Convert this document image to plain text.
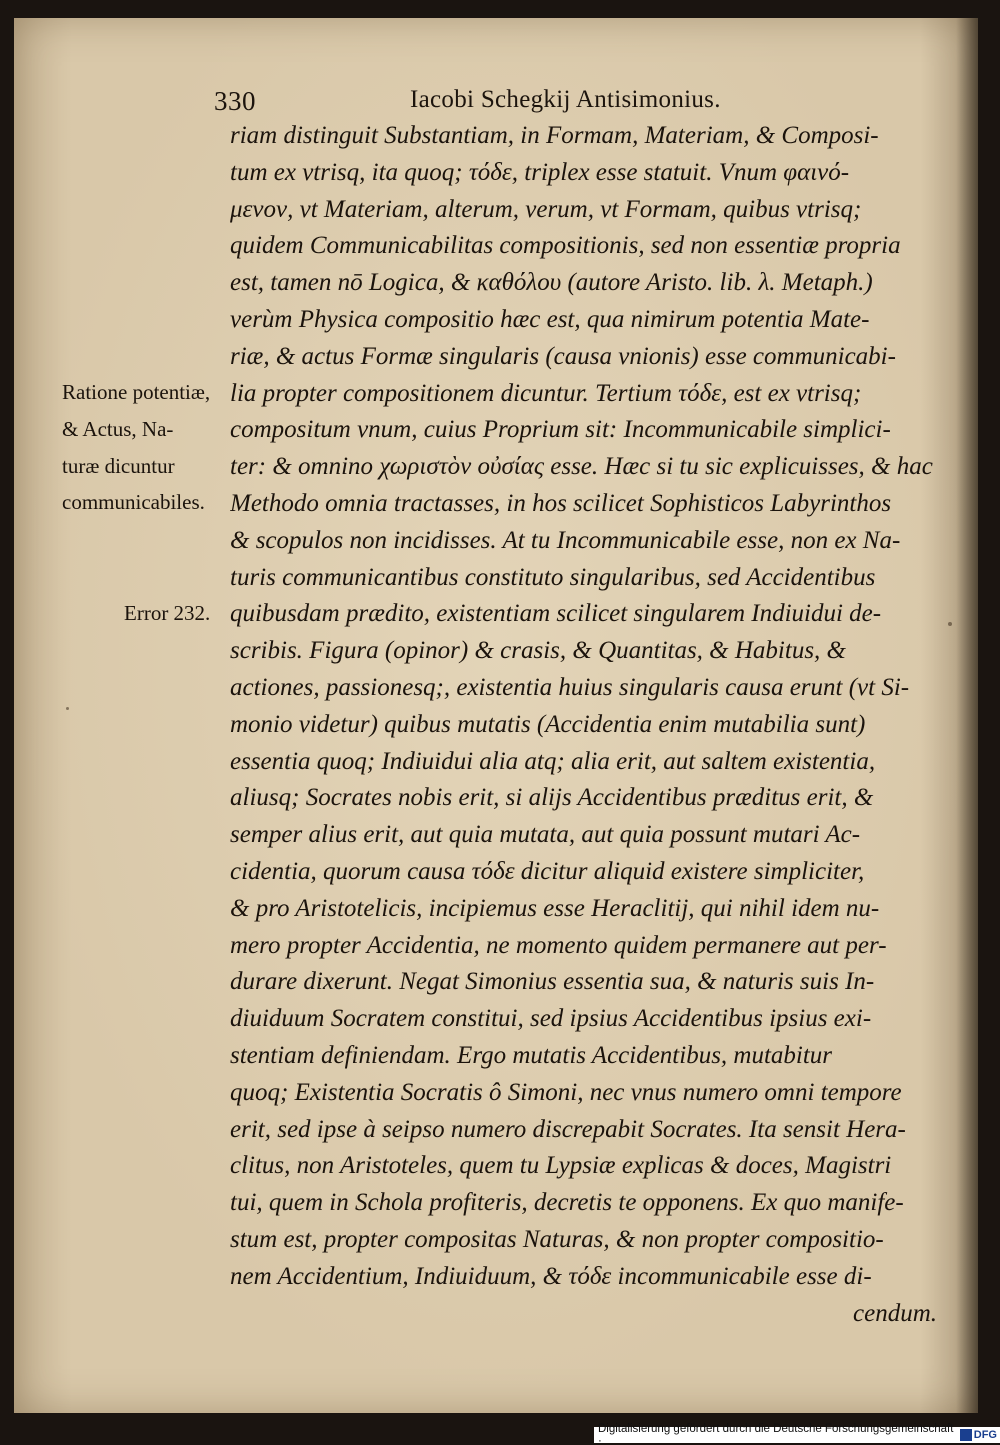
330	Iacobi Schegkij Antisimonius.
riam distinguit Substantiam, in Formam, Materiam, & Composi-
tum ex vtrisq, ita quoq; τόδε, triplex esse statuit. Vnum φαινό-
μενον, vt Materiam, alterum, verum, vt Formam, quibus vtrisq;
quidem Communicabilitas compositionis, sed non essentiæ propria
est, tamen nō Logica, & καθόλου (autore Aristo. lib. λ. Metaph.)
verùm Physica compositio hæc est, qua nimirum potentia Mate-
riæ, & actus Formæ singularis (causa vnionis) esse communicabi-
lia propter compositionem dicuntur. Tertium τόδε, est ex vtrisq;
compositum vnum, cuius Proprium sit: Incommunicabile simplici-
ter: & omnino χωριστὸν οὐσίας esse. Hæc si tu sic explicuisses, & hac
Methodo omnia tractasses, in hos scilicet Sophisticos Labyrinthos
& scopulos non incidisses. At tu Incommunicabile esse, non ex Na-
turis communicantibus constituto singularibus, sed Accidentibus
quibusdam prædito, existentiam scilicet singularem Indiuidui de-
scribis. Figura (opinor) & crasis, & Quantitas, & Habitus, &
actiones, passionesq;, existentia huius singularis causa erunt (vt Si-
monio videtur) quibus mutatis (Accidentia enim mutabilia sunt)
essentia quoq; Indiuidui alia atq; alia erit, aut saltem existentia,
aliusq; Socrates nobis erit, si alijs Accidentibus præditus erit, &
semper alius erit, aut quia mutata, aut quia possunt mutari Ac-
cidentia, quorum causa τόδε dicitur aliquid existere simpliciter,
& pro Aristotelicis, incipiemus esse Heraclitij, qui nihil idem nu-
mero propter Accidentia, ne momento quidem permanere aut per-
durare dixerunt. Negat Simonius essentia sua, & naturis suis In-
diuiduum Socratem constitui, sed ipsius Accidentibus ipsius exi-
stentiam definiendam. Ergo mutatis Accidentibus, mutabitur
quoq; Existentia Socratis ô Simoni, nec vnus numero omni tempore
erit, sed ipse à seipso numero discrepabit Socrates. Ita sensit Hera-
clitus, non Aristoteles, quem tu Lypsiæ explicas & doces, Magistri
tui, quem in Schola profiteris, decretis te opponens. Ex quo manife-
stum est, propter compositas Naturas, & non propter compositio-
nem Accidentium, Indiuiduum, & τόδε incommunicabile esse di-
cendum.
Ratione potentiæ,
& Actus, Na-
turæ dicuntur
communicabiles.
Error 232.
Digitalisierung gefördert durch die Deutsche Forschungsgemeinschaft ·	DFG
